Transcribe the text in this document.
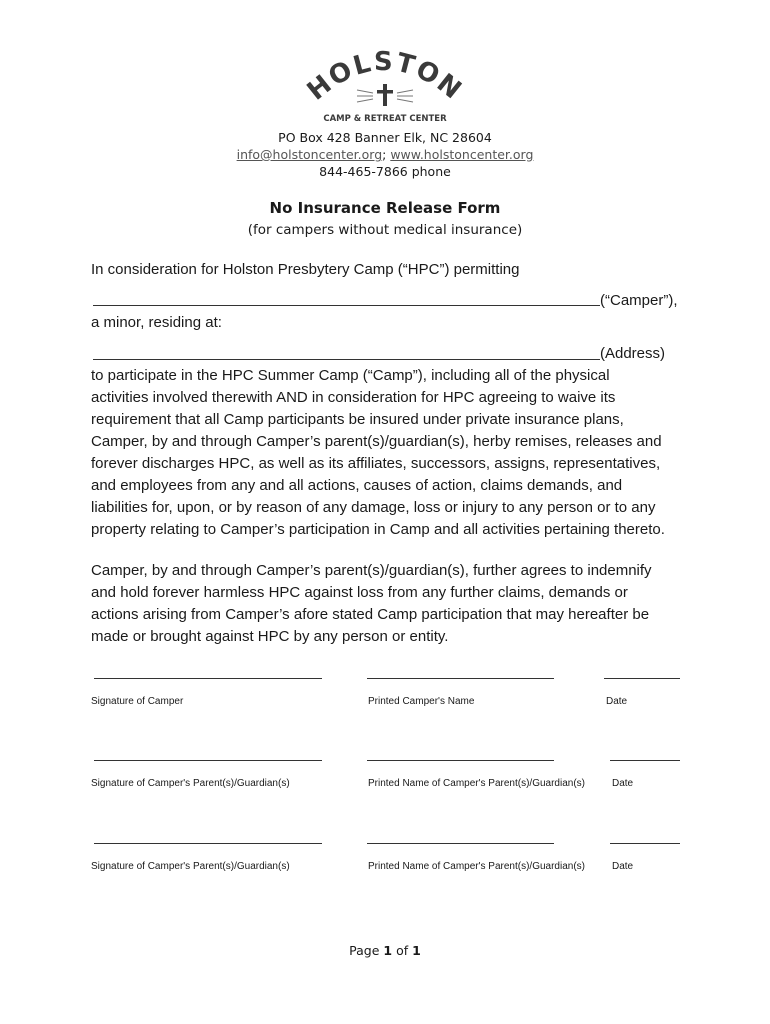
HOLSTON
CAMP & RETREAT CENTER
PO Box 428 Banner Elk, NC 28604
info@holstoncenter.org; www.holstoncenter.org
844-465-7866 phone
No Insurance Release Form
(for campers without medical insurance)
In consideration for Holston Presbytery Camp (“HPC”) permitting
(“Camper”),
a minor, residing at:
(Address)
to participate in the HPC Summer Camp (“Camp”), including all of the physical
activities involved therewith AND in consideration for HPC agreeing to waive its
requirement that all Camp participants be insured under private insurance plans,
Camper, by and through Camper’s parent(s)/guardian(s), herby remises, releases and
forever discharges HPC, as well as its affiliates, successors, assigns, representatives,
and employees from any and all actions, causes of action, claims demands, and
liabilities for, upon, or by reason of any damage, loss or injury to any person or to any
property relating to Camper’s participation in Camp and all activities pertaining thereto.
Camper, by and through Camper’s parent(s)/guardian(s), further agrees to indemnify
and hold forever harmless HPC against loss from any further claims, demands or
actions arising from Camper’s afore stated Camp participation that may hereafter be
made or brought against HPC by any person or entity.
Signature of Camper	Printed Camper's Name	Date
Signature of Camper's Parent(s)/Guardian(s)	Printed Name of Camper's Parent(s)/Guardian(s)	Date
Signature of Camper's Parent(s)/Guardian(s)	Printed Name of Camper's Parent(s)/Guardian(s)	Date
Page 1 of 1
